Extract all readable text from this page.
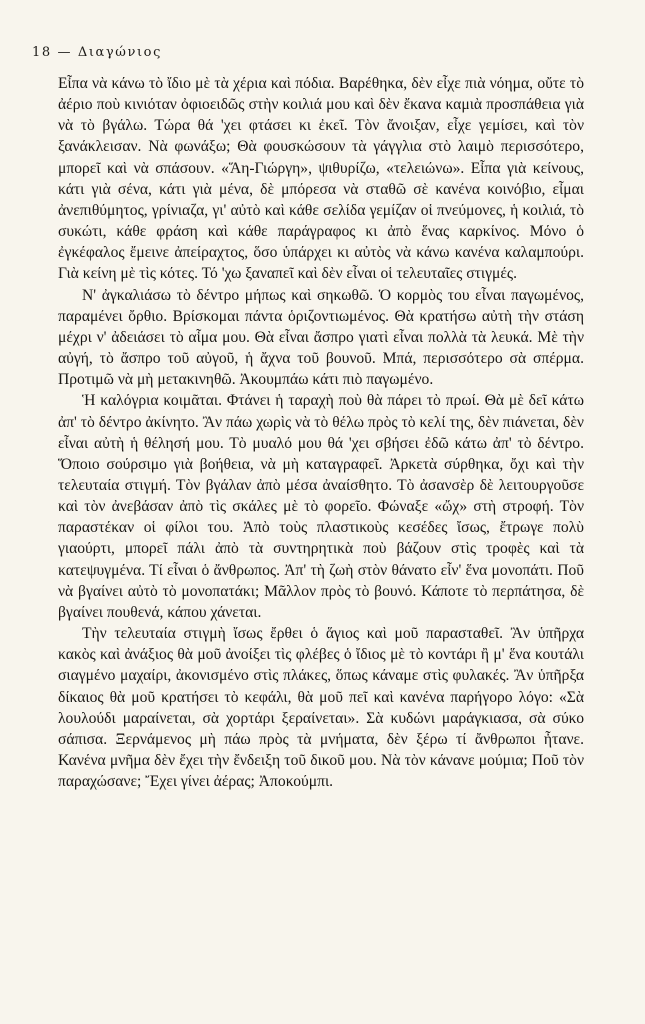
18 — Διαγώνιος

Εἶπα νὰ κάνω τὸ ἴδιο μὲ τὰ χέρια καὶ πόδια. Βαρέθηκα, δὲν εἶχε πιὰ νόημα, οὔτε τὸ ἀέριο ποὺ κινιόταν ὀφιοειδῶς στὴν κοιλιά μου καὶ δὲν ἔκανα καμιὰ προσπάθεια γιὰ νὰ τὸ βγάλω. Τώρα θά 'χει φτάσει κι ἐκεῖ. Τὸν ἄνοιξαν, εἶχε γεμίσει, καὶ τὸν ξανάκλεισαν. Νὰ φωνάξω; Θὰ φουσκώσουν τὰ γάγγλια στὸ λαιμὸ περισσότερο, μπορεῖ καὶ νὰ σπάσουν. «Ἅη-Γιώργη», ψιθυρίζω, «τελειώνω». Εἶπα γιὰ κείνους, κάτι γιὰ σένα, κάτι γιὰ μένα, δὲ μπόρεσα νὰ σταθῶ σὲ κανένα κοινόβιο, εἶμαι ἀνεπιθύμητος, γρίνιαζα, γι' αὐτὸ καὶ κάθε σελίδα γεμίζαν οἱ πνεύμονες, ἡ κοιλιά, τὸ συκώτι, κάθε φράση καὶ κάθε παράγραφος κι ἀπὸ ἕνας καρκίνος. Μόνο ὁ ἐγκέφαλος ἔμεινε ἀπείραχτος, ὅσο ὑπάρχει κι αὐτὸς νὰ κάνω κανένα καλαμπούρι. Γιὰ κείνη μὲ τὶς κότες. Τό 'χω ξαναπεῖ καὶ δὲν εἶναι οἱ τελευταῖες στιγμές.

Ν' ἀγκαλιάσω τὸ δέντρο μήπως καὶ σηκωθῶ. Ὁ κορμὸς του εἶναι παγωμένος, παραμένει ὄρθιο. Βρίσκομαι πάντα ὁριζοντιωμένος. Θὰ κρατήσω αὐτὴ τὴν στάση μέχρι ν' ἀδειάσει τὸ αἷμα μου. Θὰ εἶναι ἄσπρο γιατὶ εἶναι πολλὰ τὰ λευκά. Μὲ τὴν αὐγή, τὸ ἄσπρο τοῦ αὐγοῦ, ἡ ἄχνα τοῦ βουνοῦ. Μπά, περισσότερο σὰ σπέρμα. Προτιμῶ νὰ μὴ μετακινηθῶ. Ἀκουμπάω κάτι πιὸ παγωμένο.

Ἡ καλόγρια κοιμᾶται. Φτάνει ἡ ταραχὴ ποὺ θὰ πάρει τὸ πρωί. Θὰ μὲ δεῖ κάτω ἀπ' τὸ δέντρο ἀκίνητο. Ἂν πάω χωρὶς νὰ τὸ θέλω πρὸς τὸ κελί της, δὲν πιάνεται, δὲν εἶναι αὐτὴ ἡ θέλησή μου. Τὸ μυαλό μου θά 'χει σβήσει ἐδῶ κάτω ἀπ' τὸ δέντρο. Ὅποιο σούρσιμο γιὰ βοήθεια, νὰ μὴ καταγραφεῖ. Ἀρκετὰ σύρθηκα, ὄχι καὶ τὴν τελευταία στιγμή. Τὸν βγάλαν ἀπὸ μέσα ἀναίσθητο. Τὸ ἀσανσὲρ δὲ λειτουργοῦσε καὶ τὸν ἀνεβάσαν ἀπὸ τὶς σκάλες μὲ τὸ φορεῖο. Φώναξε «ὤχ» στὴ στροφή. Τὸν παραστέκαν οἱ φίλοι του. Ἀπὸ τοὺς πλαστικοὺς κεσέδες ἴσως, ἔτρωγε πολὺ γιαούρτι, μπορεῖ πάλι ἀπὸ τὰ συντηρητικὰ ποὺ βάζουν στὶς τροφὲς καὶ τὰ κατεψυγμένα. Τί εἶναι ὁ ἄνθρωπος. Ἀπ' τὴ ζωὴ στὸν θάνατο εἶν' ἕνα μονοπάτι. Ποῦ νὰ βγαίνει αὐτὸ τὸ μονοπατάκι; Μᾶλλον πρὸς τὸ βουνό. Κάποτε τὸ περπάτησα, δὲ βγαίνει πουθενά, κάπου χάνεται.

Τὴν τελευταία στιγμὴ ἴσως ἔρθει ὁ ἅγιος καὶ μοῦ παρασταθεῖ. Ἂν ὑπῆρχα κακὸς καὶ ἀνάξιος θὰ μοῦ ἀνοίξει τὶς φλέβες ὁ ἴδιος μὲ τὸ κοντάρι ἢ μ' ἕνα κουτάλι σιαγμένο μαχαίρι, ἀκονισμένο στὶς πλάκες, ὅπως κάναμε στὶς φυλακές. Ἂν ὑπῆρξα δίκαιος θὰ μοῦ κρατήσει τὸ κεφάλι, θὰ μοῦ πεῖ καὶ κανένα παρήγορο λόγο: «Σὰ λουλούδι μαραίνεται, σὰ χορτάρι ξεραίνεται». Σὰ κυδώνι μαράγκιασα, σὰ σύκο σάπισα. Ξερνάμενος μὴ πάω πρὸς τὰ μνήματα, δὲν ξέρω τί ἄνθρωποι ἦτανε. Κανένα μνῆμα δὲν ἔχει τὴν ἔνδειξη τοῦ δικοῦ μου. Νὰ τὸν κάνανε μούμια; Ποῦ τὸν παραχώσανε; Ἔχει γίνει ἀέρας; Ἀποκούμπι.
